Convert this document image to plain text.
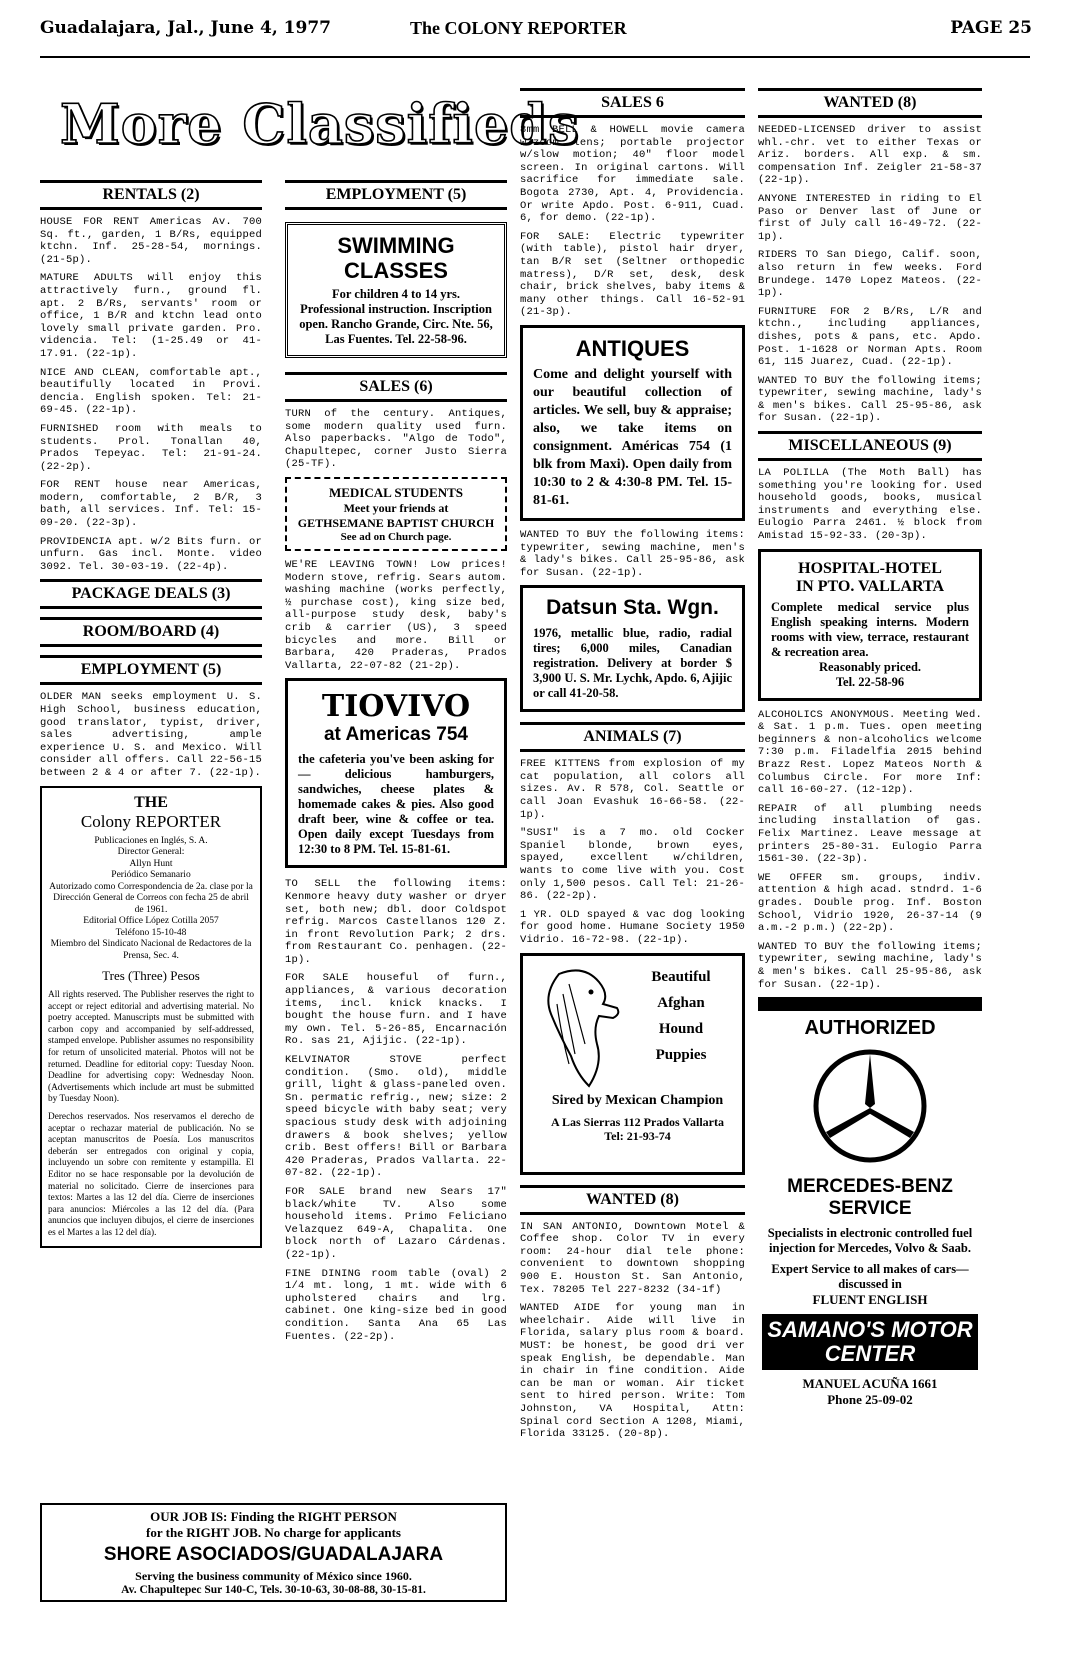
Guadalajara, Jal., June 4, 1977	The COLONY REPORTER	PAGE 25
More Classifieds
RENTALS (2)

HOUSE FOR RENT Americas Av. 700 Sq. ft., garden, 1 B/Rs, equipped ktchn. Inf. 25-28-54, mornings. (21-5p).

MATURE ADULTS will enjoy this attractively furn., ground fl. apt. 2 B/Rs, servants' room or office, 1 B/R and ktchn lead onto lovely small private garden. Pro. videncia. Tel: (1-25.49 or 41-17.91. (22-1p).

NICE AND CLEAN, comfortable apt., beautifully located in Provi. dencia. English spoken. Tel: 21-69-45. (22-1p).

FURNISHED room with meals to students. Prol. Tonallan 40, Prados Tepeyac. Tel: 21-91-24. (22-2p).

FOR RENT house near Americas, modern, comfortable, 2 B/R, 3 bath, all services. Inf. Tel: 15-09-20. (22-3p).

PROVIDENCIA apt. w/2 Bits furn. or unfurn. Gas incl. Monte. video 3092. Tel. 30-03-19. (22-4p).

PACKAGE DEALS (3)
ROOM/BOARD (4)
EMPLOYMENT (5)

OLDER MAN seeks employment U. S. High School, business education, good translator, typist, driver, sales advertising, ample experience U. S. and Mexico. Will consider all offers. Call 22-56-15 between 2 & 4 or after 7. (22-1p).

THE
Colony REPORTER
Publicaciones en Inglés, S. A.
Director General:
Allyn Hunt
Periódico Semanario
Autorizado como Correspondencia de 2a. clase por la Dirección General de Correos con fecha 25 de abril de 1961.
Editorial Office López Cotilla 2057
Teléfono 15-10-48
Miembro del Sindicato Nacional de Redactores de la Prensa, Sec. 4.
Tres (Three) Pesos
All rights reserved. The Publisher reserves the right to accept or reject editorial and advertising material. No poetry accepted. Manuscripts must be submitted with carbon copy and accompanied by self-addressed, stamped envelope. Publisher assumes no responsibility for return of unsolicited material. Photos will not be returned. Deadline for editorial copy: Tuesday Noon. Deadline for advertising copy: Wednesday Noon. (Advertisements which include art must be submitted by Tuesday Noon).
Derechos reservados. Nos reservamos el derecho de aceptar o rechazar material de publicación. No se aceptan manuscritos de Poesía. Los manuscritos deberán ser entregados con original y copia, incluyendo un sobre con remitente y estampilla. El Editor no se hace responsable por la devolución de material no solicitado. Cierre de inserciones para textos: Martes a las 12 del día. Cierre de inserciones para anuncios: Miércoles a las 12 del día. (Para anuncios que incluyen dibujos, el cierre de inserciones es el Martes a las 12 del día).
EMPLOYMENT (5)
SWIMMING CLASSES
For children 4 to 14 yrs. Professional instruction. Inscription open. Rancho Grande, Circ. Nte. 56, Las Fuentes. Tel. 22-58-96.
SALES (6)

TURN of the century. Antiques, some modern quality used furn. Also paperbacks. "Algo de Todo", Chapultepec, corner Justo Sierra (25-TF).

MEDICAL STUDENTS
Meet your friends at
GETHSEMANE BAPTIST CHURCH
See ad on Church page.

WE'RE LEAVING TOWN! Low prices! Modern stove, refrig. Sears autom. washing machine (works perfectly, ½ purchase cost), king size bed, all-purpose study desk, baby's crib & carrier (US), 3 speed bicycles and more. Bill or Barbara, 420 Praderas, Prados Vallarta, 22-07-82 (21-2p).

TIOVIVO
at Americas 754
the cafeteria you've been asking for — delicious hamburgers, sandwiches, cheese plates & homemade cakes & pies. Also good draft beer, wine & coffee or tea. Open daily except Tuesdays from 12:30 to 8 PM. Tel. 15-81-61.

TO SELL the following items: Kenmore heavy duty washer or dryer set, both new; dbl. door Coldspot refrig. Marcos Castellanos 120 Z. in front Revolution Park; 2 drs. from Restaurant Co. penhagen. (22-1p).

FOR SALE houseful of furn., appliances, & various decoration items, incl. knick knacks. I bought the house furn. and I have my own. Tel. 5-26-85, Encarnación Ro. sas 21, Ajijic. (22-1p).

KELVINATOR STOVE perfect condition. (Smo. old), middle grill, light & glass-paneled oven. Sn. permatic refrig., new; size: 2 speed bicycle with baby seat; very spacious study desk with adjoining drawers & book shelves; yellow crib. Best offers! Bill or Barbara 420 Praderas, Prados Vallarta. 22-07-82. (22-1p).

FOR SALE brand new Sears 17" black/white TV. Also some household items. Primo Feliciano Velazquez 649-A, Chapalita. One block north of Lazaro Cárdenas. (22-1p).

FINE DINING room table (oval) 2 1/4 mt. long, 1 mt. wide with 6 upholstered chairs and lrg. cabinet. One king-size bed in good condition. Santa Ana 65 Las Fuentes. (22-2p).

OUR JOB IS: Finding the RIGHT PERSON
for the RIGHT JOB. No charge for applicants
SHORE ASOCIADOS/GUADALAJARA
Serving the business community of México since 1960.
Av. Chapultepec Sur 140-C, Tels. 30-10-63, 30-08-88, 30-15-81.
SALES 6

8mm BELL & HOWELL movie camera w/zoom lens; portable projector w/slow motion; 40" floor model screen. In original cartons. Will sacrifice for immediate sale. Bogota 2730, Apt. 4, Providencia. Or write Apdo. Post. 6-911, Cuad. 6, for demo. (22-1p).

FOR SALE: Electric typewriter (with table), pistol hair dryer, tan B/R set (Seltner orthopedic matress), D/R set, desk, desk chair, brick shelves, baby items & many other things. Call 16-52-91 (21-3p).

ANTIQUES
Come and delight yourself with our beautiful collection of articles. We sell, buy & appraise; also, we take items on consignment. Américas 754 (1 blk from Maxi). Open daily from 10:30 to 2 & 4:30-8 PM. Tel. 15-81-61.

WANTED TO BUY the following items: typewriter, sewing machine, men's & lady's bikes. Call 25-95-86, ask for Susan. (22-1p).

Datsun Sta. Wgn.
1976, metallic blue, radio, radial tires; 6,000 miles, Canadian registration. Delivery at border $ 3,900 U. S. Mr. Lychk, Apdo. 6, Ajijic or call 41-20-58.
ANIMALS (7)

FREE KITTENS from explosion of my cat population, all colors all sizes. Av. R 578, Col. Seattle or call Joan Evashuk 16-66-58. (22-1p).

"SUSI" is a 7 mo. old Cocker Spaniel blonde, brown eyes, spayed, excellent w/children, wants to come live with you. Cost only 1,500 pesos. Call Tel: 21-26-86. (22-2p).

1 YR. OLD spayed & vac dog looking for good home. Humane Society 1950 Vidrio. 16-72-98. (22-1p).

Beautiful
Afghan
Hound
Puppies
Sired by Mexican Champion
A Las Sierras 112 Prados Vallarta Tel: 21-93-74
WANTED (8)

IN SAN ANTONIO, Downtown Motel & Coffee shop. Color TV in every room: 24-hour dial tele phone: convenient to downtown shopping 900 E. Houston St. San Antonio, Tex. 78205 Tel 227-8232 (34-1f)

WANTED AIDE for young man in wheelchair. Aide will live in Florida, salary plus room & board. MUST: be honest, be good dri ver speak English, be dependable. Man in chair in fine condition. Aide can be man or woman. Air ticket sent to hired person. Write: Tom Johnston, VA Hospital, Attn: Spinal cord Section A 1208, Miami, Florida 33125. (20-8p).

WANTED (8)

NEEDED-LICENSED driver to assist whl.-chr. vet to either Texas or Ariz. borders. All exp. & sm. compensation Inf. Zeigler 21-58-37 (22-1p).

ANYONE INTERESTED in riding to El Paso or Denver last of June or first of July call 16-49-72. (22-1p).

RIDERS TO San Diego, Calif. soon, also return in few weeks. Ford Brundege. 1470 Lopez Mateos. (22-1p).

FURNITURE FOR 2 B/Rs, L/R and ktchn., including appliances, dishes, pots & pans, etc. Apdo. Post. 1-1628 or Norman Apts. Room 61, 115 Juarez, Cuad. (22-1p).

WANTED TO BUY the following items; typewriter, sewing machine, lady's & men's bikes. Call 25-95-86, ask for Susan. (22-1p).

MISCELLANEOUS (9)

LA POLILLA (The Moth Ball) has something you're looking for. Used household goods, books, musical instruments and everything else. Eulogio Parra 2461. ½ block from Amistad 15-92-33. (20-3p).

HOSPITAL-HOTEL
IN PTO. VALLARTA
Complete medical service plus English speaking interns. Modern rooms with view, terrace, restaurant & recreation area.
Reasonably priced.
Tel. 22-58-96

ALCOHOLICS ANONYMOUS. Meeting Wed. & Sat. 1 p.m. Tues. open meeting beginners & non-alcoholics welcome 7:30 p.m. Filadelfia 2015 behind Brazz Rest. Lopez Mateos North & Columbus Circle. For more Inf: call 16-60-27. (12-12p).

REPAIR of all plumbing needs including installation of gas. Felix Martinez. Leave message at printers 25-80-31. Eulogio Parra 1561-30. (22-3p).

WE OFFER sm. groups, indiv. attention & high acad. stndrd. 1-6 grades. Double prog. Inf. Boston School, Vidrio 1920, 26-37-14 (9 a.m.-2 p.m.) (22-2p).

WANTED TO BUY the following items; typewriter, sewing machine, lady's & men's bikes. Call 25-95-86, ask for Susan. (22-1p).

AUTHORIZED
MERCEDES-BENZ SERVICE
Specialists in electronic controlled fuel injection for Mercedes, Volvo & Saab.
Expert Service to all makes of cars—discussed in
FLUENT ENGLISH
SAMANO'S MOTOR CENTER
MANUEL ACUÑA 1661
Phone 25-09-02
